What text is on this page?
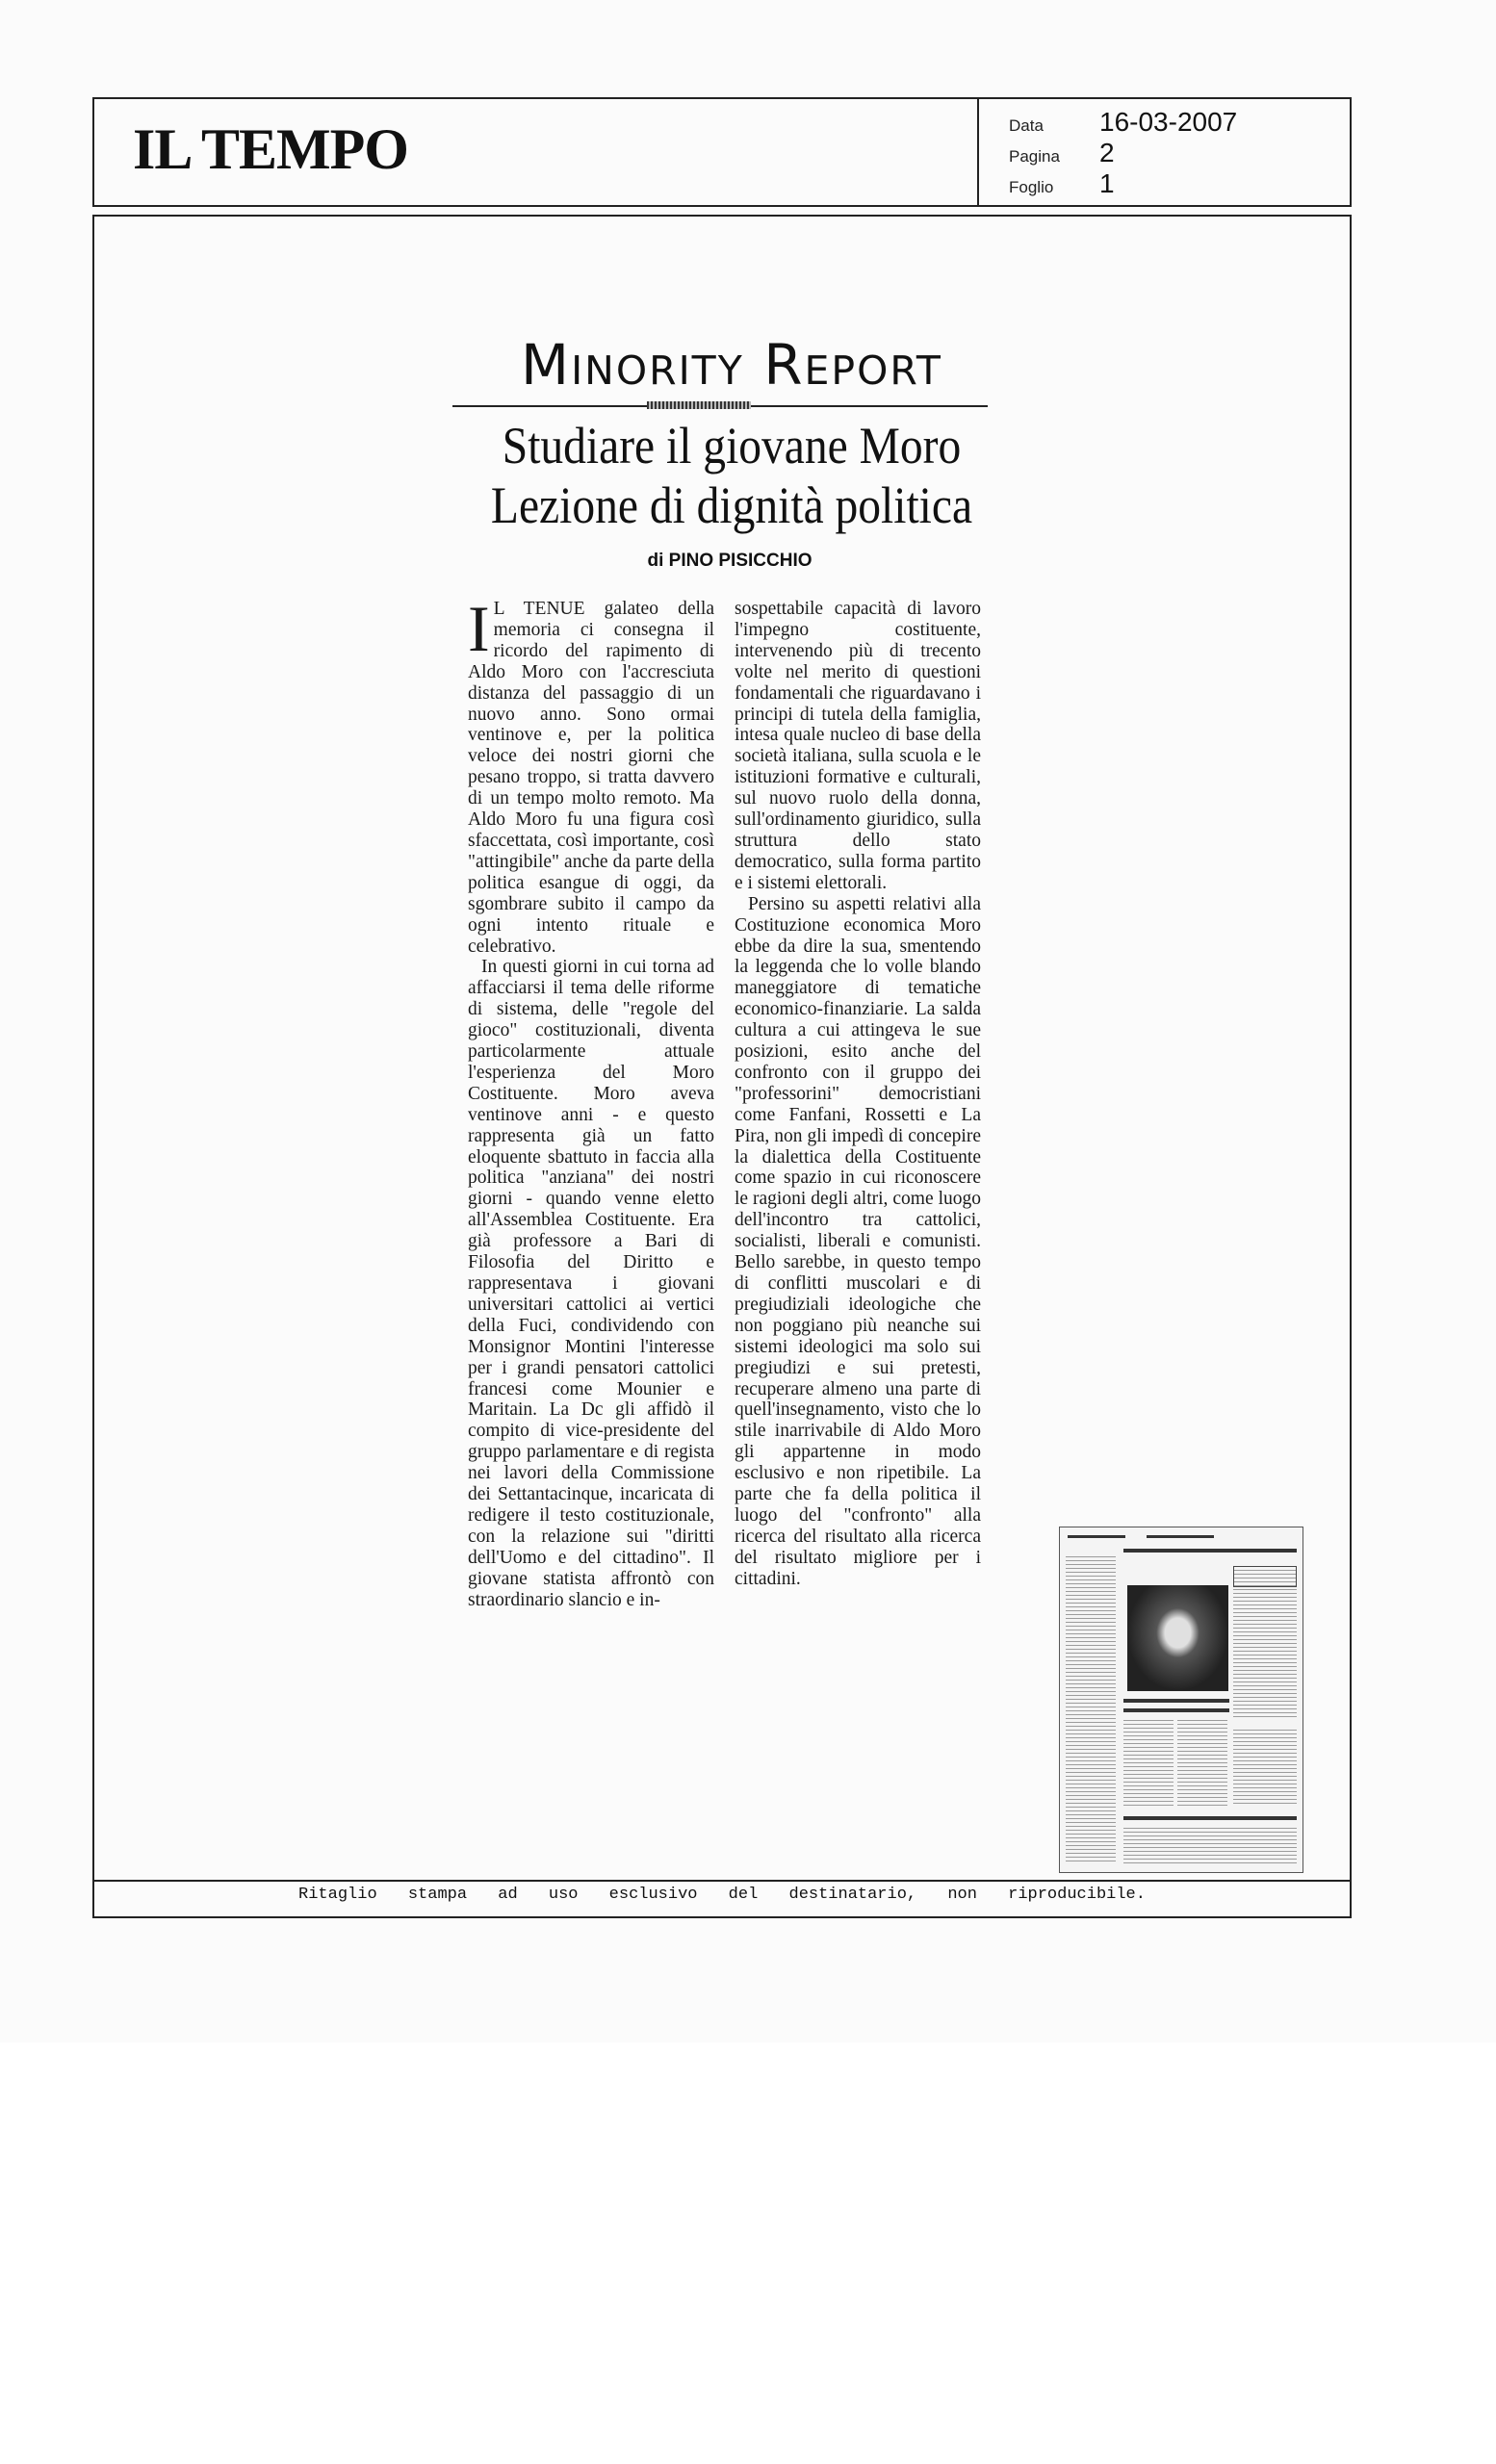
IL TEMPO	Data 16-03-2007
Pagina 2
Foglio 1
Minority Report
Studiare il giovane Moro
Lezione di dignità politica
di PINO PISICCHIO

I L TENUE galateo della memoria ci consegna il ricordo del rapimento di Aldo Moro con l'accresciuta distanza del passaggio di un nuovo anno. Sono ormai ventinove e, per la politica veloce dei nostri giorni che pesano troppo, si tratta davvero di un tempo molto remoto. Ma Aldo Moro fu una figura così sfaccettata, così importante, così "attingibile" anche da parte della politica esangue di oggi, da sgombrare subito il campo da ogni intento rituale e celebrativo.

In questi giorni in cui torna ad affacciarsi il tema delle riforme di sistema, delle "regole del gioco" costituzionali, diventa particolarmente attuale l'esperienza del Moro Costituente. Moro aveva ventinove anni - e questo rappresenta già un fatto eloquente sbattuto in faccia alla politica "anziana" dei nostri giorni - quando venne eletto all'Assemblea Costituente. Era già professore a Bari di Filosofia del Diritto e rappresentava i giovani universitari cattolici ai vertici della Fuci, condividendo con Monsignor Montini l'interesse per i grandi pensatori cattolici francesi come Mounier e Maritain. La Dc gli affidò il compito di vice-presidente del gruppo parlamentare e di regista nei lavori della Commissione dei Settantacinque, incaricata di redigere il testo costituzionale, con la relazione sui "diritti dell'Uomo e del cittadino". Il giovane statista affrontò con straordinario slancio e in-

sospettabile capacità di lavoro l'impegno costituente, intervenendo più di trecento volte nel merito di questioni fondamentali che riguardavano i principi di tutela della famiglia, intesa quale nucleo di base della società italiana, sulla scuola e le istituzioni formative e culturali, sul nuovo ruolo della donna, sull'ordinamento giuridico, sulla struttura dello stato democratico, sulla forma partito e i sistemi elettorali.

Persino su aspetti relativi alla Costituzione economica Moro ebbe da dire la sua, smentendo la leggenda che lo volle blando maneggiatore di tematiche economico-finanziarie. La salda cultura a cui attingeva le sue posizioni, esito anche del confronto con il gruppo dei "professorini" democristiani come Fanfani, Rossetti e La Pira, non gli impedì di concepire la dialettica della Costituente come spazio in cui riconoscere le ragioni degli altri, come luogo dell'incontro tra cattolici, socialisti, liberali e comunisti. Bello sarebbe, in questo tempo di conflitti muscolari e di pregiudiziali ideologiche che non poggiano più neanche sui sistemi ideologici ma solo sui pregiudizi e sui pretesti, recuperare almeno una parte di quell'insegnamento, visto che lo stile inarrivabile di Aldo Moro gli appartenne in modo esclusivo e non ripetibile. La parte che fa della politica il luogo del "confronto" alla ricerca del risultato alla ricerca del risultato migliore per i cittadini.

Ritaglio stampa ad uso esclusivo del destinatario, non riproducibile.
